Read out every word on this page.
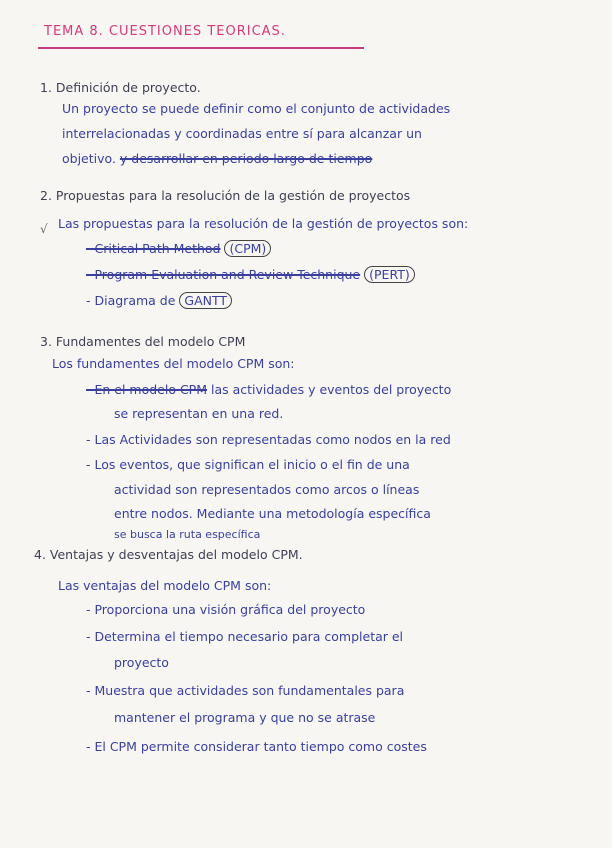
TEMA 8. CUESTIONES TEORICAS.
1. Definición de proyecto.
Un proyecto se puede definir como el conjunto de actividades
interrelacionadas y coordinadas entre sí para alcanzar un
objetivo. y desarrollar en periodo largo de tiempo
2. Propuestas para la resolución de la gestión de proyectos
√ Las propuestas para la resolución de la gestión de proyectos son:
- Critical Path Method (CPM)
- Program Evaluation and Review Technique (PERT)
- Diagrama de GANTT
3. Fundamentes del modelo CPM
Los fundamentes del modelo CPM son:
- En el modelo CPM las actividades y eventos del proyecto
se representan en una red.
- Las Actividades son representadas como nodos en la red
- Los eventos, que significan el inicio o el fin de una
actividad son representados como arcos o líneas
entre nodos. Mediante una metodología específica
se busca la ruta específica
4. Ventajas y desventajas del modelo CPM.
Las ventajas del modelo CPM son:
- Proporciona una visión gráfica del proyecto
- Determina el tiempo necesario para completar el
proyecto
- Muestra que actividades son fundamentales para
mantener el programa y que no se atrase
- El CPM permite considerar tanto tiempo como costes
